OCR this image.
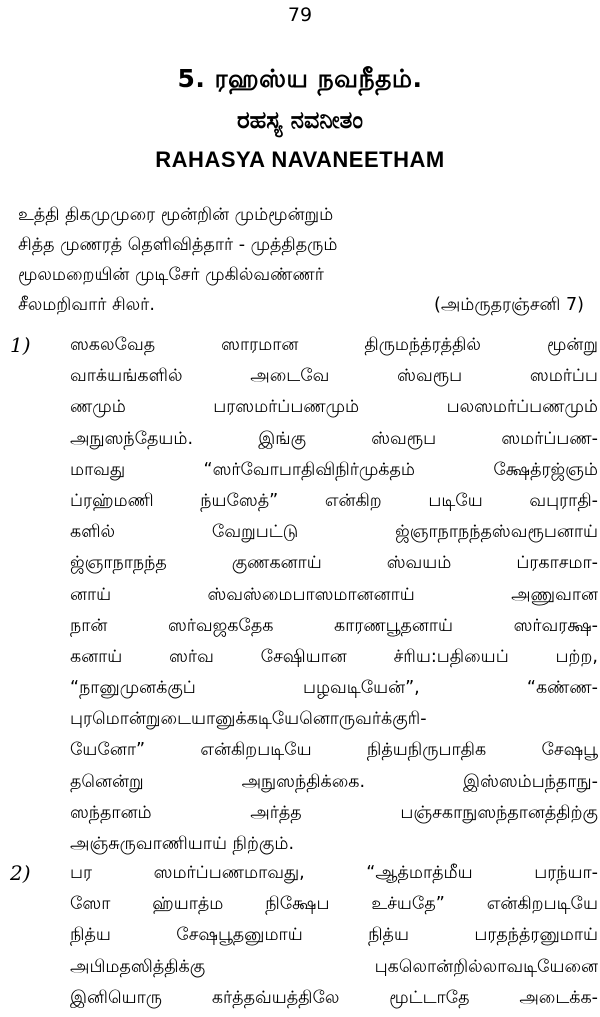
79
5. ரஹஸ்ய நவநீதம்.
ರಹಸ್ಯ ನವನೀತಂ
RAHASYA NAVANEETHAM
உத்தி திகமுமுரை மூன்றின் மும்மூன்றும்
சித்த முணரத் தெளிவித்தார் - முத்திதரும்
மூலமறையின் முடிசேர் முகில்வண்ணர்
சீலமறிவார் சிலர்.	(அம்ருதரஞ்சனி 7)
1)	ஸகலவேத	ஸாரமான	திருமந்த்ரத்தில்	மூன்று
வாக்யங்களில்	அடைவே	ஸ்வரூப	ஸமர்ப்ப
ணமும்	பரஸமர்ப்பணமும்	பலஸமர்ப்பணமும்
அநுஸந்தேயம்.	இங்கு	ஸ்வரூப	ஸமர்ப்பண-
மாவது	“ஸர்வோபாதிவிநிர்முக்தம்	க்ஷேத்ரஜ்ஞம்
ப்ரஹ்மணி	ந்யஸேத்”	என்கிற	படியே	வபுராதி-
களில்	வேறுபட்டு	ஜ்ஞாநாநந்தஸ்வரூபனாய்
ஜ்ஞாநாநந்த	குணகனாய்	ஸ்வயம்	ப்ரகாசமா-
னாய்	ஸ்வஸ்மைபாஸமானனாய்	அணுவான
நான்	ஸர்வஜகதேக	காரணபூதனாய்	ஸர்வரக்ஷ-
கனாய்	ஸர்வ	சேஷியான	ச்ரிய:பதியைப்	பற்ற,
“நானுமுனக்குப்	பழவடியேன்”,	“கண்ண-
புரமொன்றுடையானுக்கடியேனொருவர்க்குரி-
யேனோ”	என்கிறபடியே	நித்யநிருபாதிக	சேஷபூ
தனென்று	அநுஸந்திக்கை.	இஸ்ஸம்பந்தாநு-
ஸந்தானம்	அர்த்த	பஞ்சகாநுஸந்தானத்திற்கு
அஞ்சுருவாணியாய் நிற்கும்.
2)	பர	ஸமர்ப்பணமாவது,	“ஆத்மாத்மீய	பரந்யா-
ஸோ ஹ்யாத்ம நிக்ஷேப உச்யதே” என்கிறபடியே
நித்ய	சேஷபூதனுமாய்	நித்ய	பரதந்த்ரனுமாய்
அபிமதஸித்திக்கு	புகலொன்றில்லாவடியேனை
இனியொரு	கர்த்தவ்யத்திலே	மூட்டாதே	அடைக்க-
